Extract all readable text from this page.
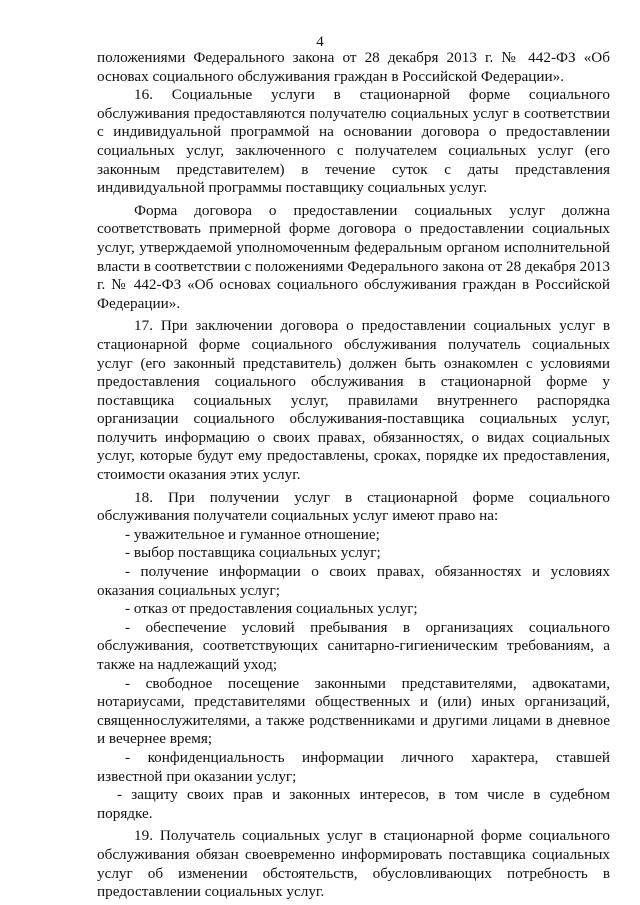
4

положениями Федерального закона от 28 декабря 2013 г. № 442-ФЗ «Об основах социального обслуживания граждан в Российской Федерации».

16. Социальные услуги в стационарной форме социального обслуживания предоставляются получателю социальных услуг в соответствии с индивидуальной программой на основании договора о предоставлении социальных услуг, заключенного с получателем социальных услуг (его законным представителем) в течение суток с даты представления индивидуальной программы поставщику социальных услуг.

Форма договора о предоставлении социальных услуг должна соответствовать примерной форме договора о предоставлении социальных услуг, утверждаемой уполномоченным федеральным органом исполнительной власти в соответствии с положениями Федерального закона от 28 декабря 2013 г. № 442-ФЗ «Об основах социального обслуживания граждан в Российской Федерации».

17. При заключении договора о предоставлении социальных услуг в стационарной форме социального обслуживания получатель социальных услуг (его законный представитель) должен быть ознакомлен с условиями предоставления социального обслуживания в стационарной форме у поставщика социальных услуг, правилами внутреннего распорядка организации социального обслуживания-поставщика социальных услуг, получить информацию о своих правах, обязанностях, о видах социальных услуг, которые будут ему предоставлены, сроках, порядке их предоставления, стоимости оказания этих услуг.

18. При получении услуг в стационарной форме социального обслуживания получатели социальных услуг имеют право на:

- уважительное и гуманное отношение;

- выбор поставщика социальных услуг;

- получение информации о своих правах, обязанностях и условиях оказания социальных услуг;

- отказ от предоставления социальных услуг;

- обеспечение условий пребывания в организациях социального обслуживания, соответствующих санитарно-гигиеническим требованиям, а также на надлежащий уход;

- свободное посещение законными представителями, адвокатами, нотариусами, представителями общественных и (или) иных организаций, священнослужителями, а также родственниками и другими лицами в дневное и вечернее время;

- конфиденциальность информации личного характера, ставшей известной при оказании услуг;

- защиту своих прав и законных интересов, в том числе в судебном порядке.

19. Получатель социальных услуг в стационарной форме социального обслуживания обязан своевременно информировать поставщика социальных услуг об изменении обстоятельств, обусловливающих потребность в предоставлении социальных услуг.
